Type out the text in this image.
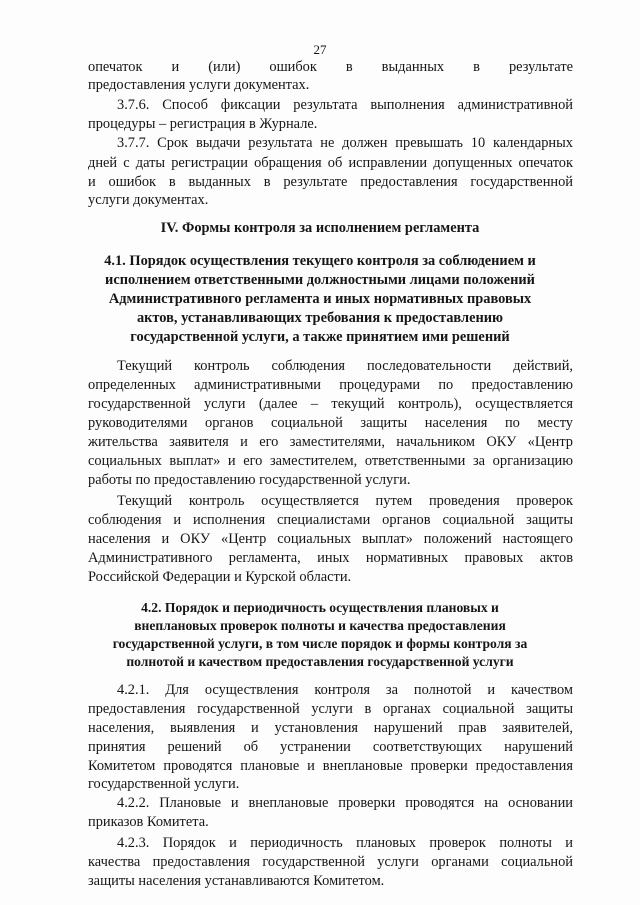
27
опечаток   и   (или)   ошибок   в   выданных   в   результате
предоставления услуги документах.
3.7.6. Способ фиксации результата выполнения административной
процедуры – регистрация в Журнале.
3.7.7. Срок выдачи результата не должен превышать 10 календарных
дней с даты регистрации обращения об исправлении допущенных опечаток
и ошибок в выданных в результате предоставления государственной
услуги документах.
IV. Формы контроля за исполнением регламента
4.1. Порядок осуществления текущего контроля за соблюдением и
исполнением ответственными должностными лицами положений
Административного регламента и иных нормативных правовых
актов, устанавливающих требования к предоставлению
государственной услуги, а также принятием ими решений
Текущий контроль соблюдения последовательности действий,
определенных административными процедурами по предоставлению
государственной услуги (далее – текущий контроль), осуществляется
руководителями органов социальной защиты населения по месту
жительства заявителя и его заместителями, начальником ОКУ «Центр
социальных выплат» и его заместителем, ответственными за организацию
работы по предоставлению государственной услуги.
Текущий контроль осуществляется путем проведения проверок
соблюдения и исполнения специалистами органов социальной защиты
населения и ОКУ «Центр социальных выплат» положений настоящего
Административного регламента, иных нормативных правовых актов
Российской Федерации и Курской области.
4.2. Порядок и периодичность осуществления плановых и
внеплановых проверок полноты и качества предоставления
государственной услуги, в том числе порядок и формы контроля за
полнотой и качеством предоставления государственной услуги
4.2.1. Для осуществления контроля за полнотой и качеством
предоставления государственной услуги в органах социальной защиты
населения, выявления и установления нарушений прав заявителей,
принятия решений об устранении соответствующих нарушений
Комитетом проводятся плановые и внеплановые проверки предоставления
государственной услуги.
4.2.2. Плановые и внеплановые проверки проводятся на основании
приказов Комитета.
4.2.3. Порядок и периодичность плановых проверок полноты и
качества предоставления государственной услуги органами социальной
защиты населения устанавливаются Комитетом.
